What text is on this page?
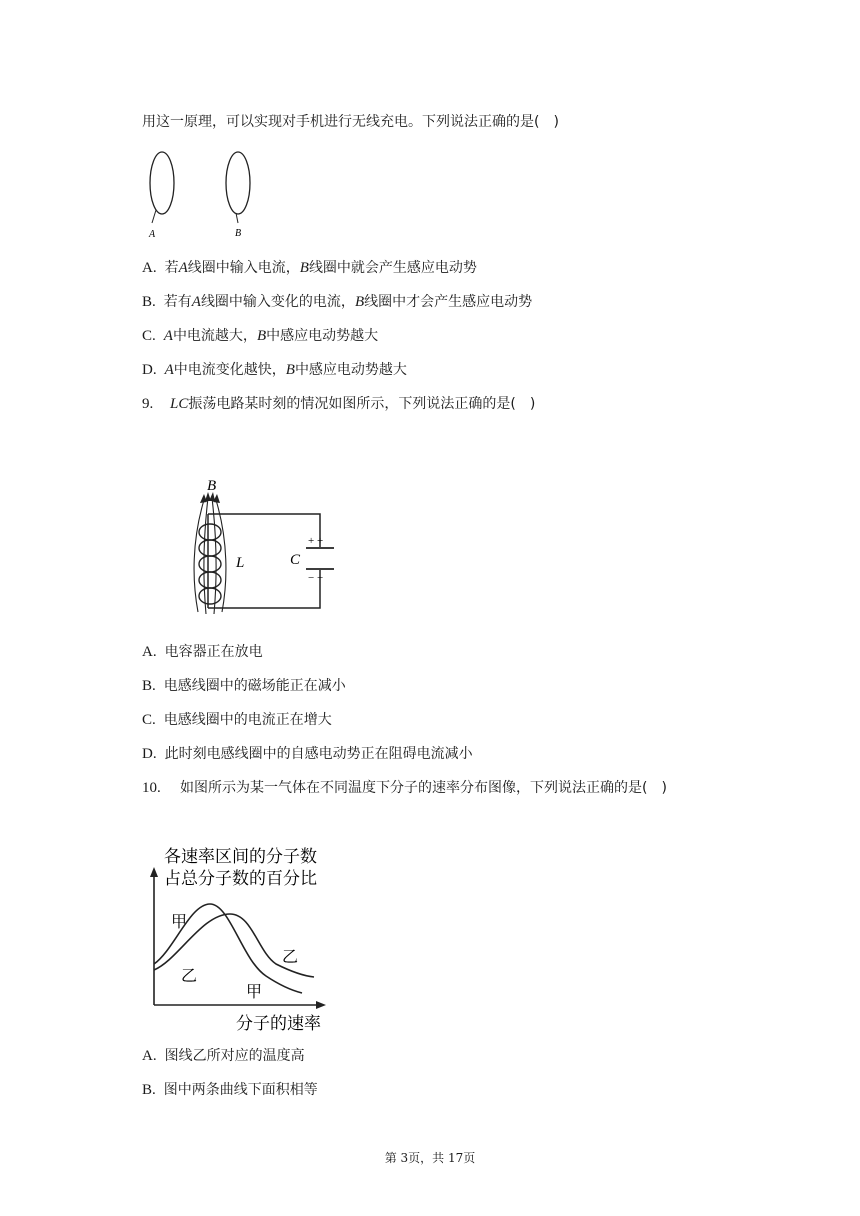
用这一原理，可以实现对手机进行无线充电。下列说法正确的是(　)
A	B
A. 若A线圈中输入电流，B线圈中就会产生感应电动势
B. 若有A线圈中输入变化的电流，B线圈中才会产生感应电动势
C. A中电流越大，B中感应电动势越大
D. A中电流变化越快，B中感应电动势越大
9. LC振荡电路某时刻的情况如图所示，下列说法正确的是(　)
+ +
− −
B
L	C
A. 电容器正在放电
B. 电感线圈中的磁场能正在减小
C. 电感线圈中的电流正在增大
D. 此时刻电感线圈中的自感电动势正在阻碍电流减小
10. 如图所示为某一气体在不同温度下分子的速率分布图像，下列说法正确的是(　)
各速率区间的分子数
占总分子数的百分比
甲
乙
乙
甲
分子的速率
A. 图线乙所对应的温度高
B. 图中两条曲线下面积相等
第 3页，共 17页
